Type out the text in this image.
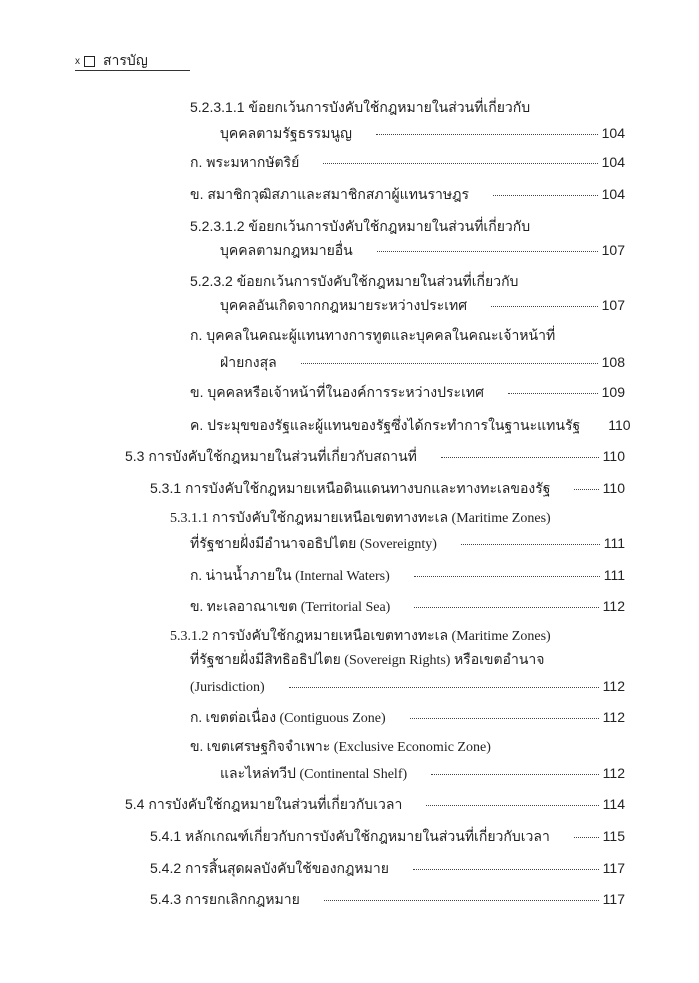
x สารบัญ
5.2.3.1.1 ข้อยกเว้นการบังคับใช้กฎหมายในส่วนที่เกี่ยวกับ
บุคคลตามรัฐธรรมนูญ	104
ก. พระมหากษัตริย์	104
ข. สมาชิกวุฒิสภาและสมาชิกสภาผู้แทนราษฎร	104
5.2.3.1.2 ข้อยกเว้นการบังคับใช้กฎหมายในส่วนที่เกี่ยวกับ
บุคคลตามกฎหมายอื่น	107
5.2.3.2 ข้อยกเว้นการบังคับใช้กฎหมายในส่วนที่เกี่ยวกับ
บุคคลอันเกิดจากกฎหมายระหว่างประเทศ	107
ก. บุคคลในคณะผู้แทนทางการทูตและบุคคลในคณะเจ้าหน้าที่
ฝ่ายกงสุล	108
ข. บุคคลหรือเจ้าหน้าที่ในองค์การระหว่างประเทศ	109
ค. ประมุขของรัฐและผู้แทนของรัฐซึ่งได้กระทำการในฐานะแทนรัฐ 110
5.3 การบังคับใช้กฎหมายในส่วนที่เกี่ยวกับสถานที่	110
5.3.1 การบังคับใช้กฎหมายเหนือดินแดนทางบกและทางทะเลของรัฐ	110
5.3.1.1 การบังคับใช้กฎหมายเหนือเขตทางทะเล (Maritime Zones)
ที่รัฐชายฝั่งมีอำนาจอธิปไตย (Sovereignty)	111
ก. น่านน้ำภายใน (Internal Waters)	111
ข. ทะเลอาณาเขต (Territorial Sea)	112
5.3.1.2 การบังคับใช้กฎหมายเหนือเขตทางทะเล (Maritime Zones)
ที่รัฐชายฝั่งมีสิทธิอธิปไตย (Sovereign Rights) หรือเขตอำนาจ
(Jurisdiction)	112
ก. เขตต่อเนื่อง (Contiguous Zone)	112
ข. เขตเศรษฐกิจจำเพาะ (Exclusive Economic Zone)
และไหล่ทวีป (Continental Shelf)	112
5.4 การบังคับใช้กฎหมายในส่วนที่เกี่ยวกับเวลา	114
5.4.1 หลักเกณฑ์เกี่ยวกับการบังคับใช้กฎหมายในส่วนที่เกี่ยวกับเวลา	115
5.4.2 การสิ้นสุดผลบังคับใช้ของกฎหมาย	117
5.4.3 การยกเลิกกฎหมาย	117
